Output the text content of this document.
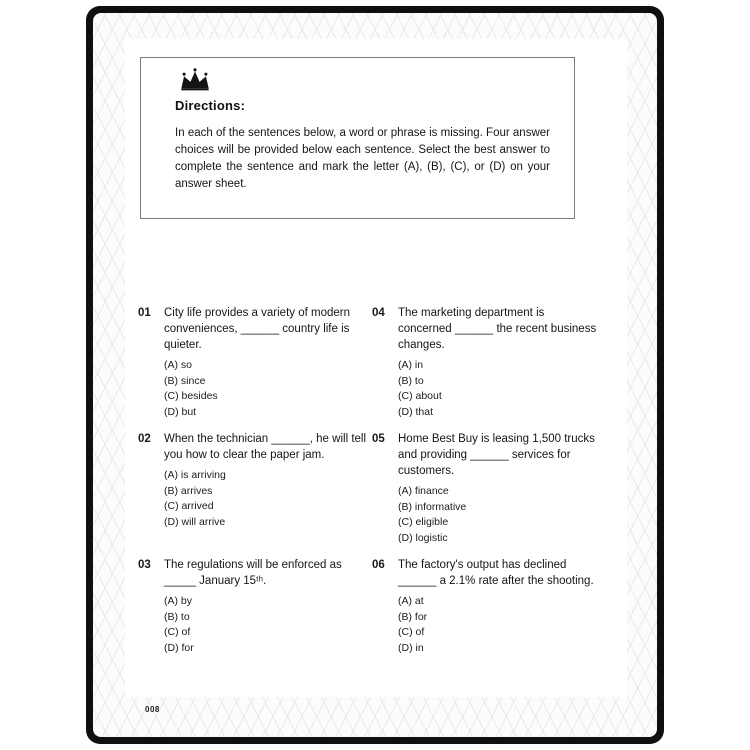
Directions:
In each of the sentences below, a word or phrase is missing. Four answer choices will be provided below each sentence. Select the best answer to complete the sentence and mark the letter (A), (B), (C), or (D) on your answer sheet.
01	City life provides a variety of modern conveniences, ______ country life is quieter.
(A) so
(B) since
(C) besides
(D) but
02	When the technician ______, he will tell you how to clear the paper jam.
(A) is arriving
(B) arrives
(C) arrived
(D) will arrive
03	The regulations will be enforced as _____ January 15ᵗʰ.
(A) by
(B) to
(C) of
(D) for
04	The marketing department is concerned ______ the recent business changes.
(A) in
(B) to
(C) about
(D) that
05	Home Best Buy is leasing 1,500 trucks and providing ______ services for customers.
(A) finance
(B) informative
(C) eligible
(D) logistic
06	The factory's output has declined ______ a 2.1% rate after the shooting.
(A) at
(B) for
(C) of
(D) in
008
